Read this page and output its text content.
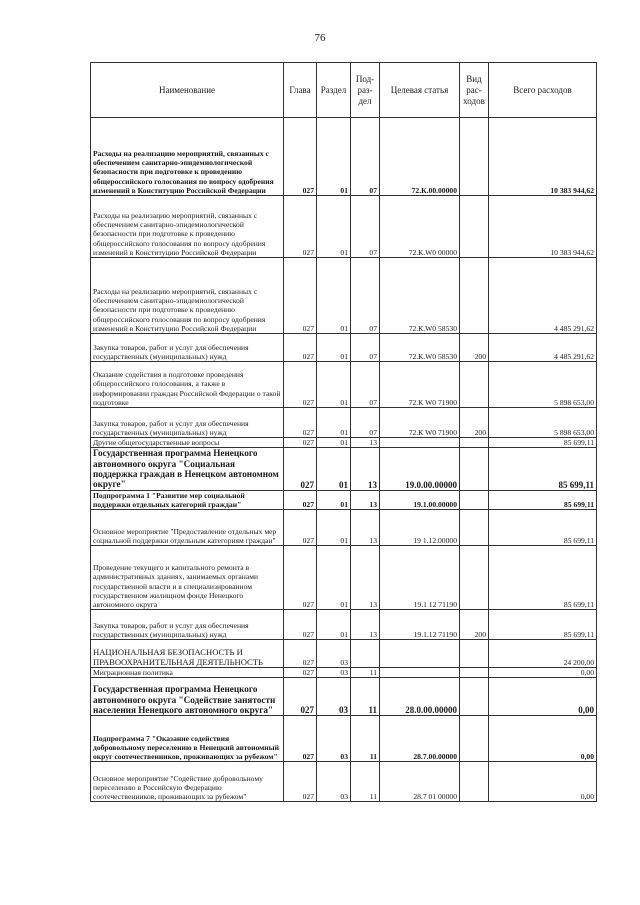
76
Наименование	Глава	Раздел	Под-раз-дел	Целевая статья	Вид рас-ходов	Всего расходов
Расходы на реализацию мероприятий, связанных с обеспечением санитарно-эпидемиологической безопасности при подготовке к проведению общероссийского голосования по вопросу одобрения изменений в Конституцию Российской Федерации	027	01	07	72.К.00.00000		10 383 944,62
Расходы на реализацию мероприятий, связанных с обеспечением санитарно-эпидемиологической безопасности при подготовке к проведению общероссийского голосования по вопросу одобрения изменений в Конституцию Российской Федерации	027	01	07	72.К.W0 00000		10 383 944,62
Расходы на реализацию мероприятий, связанных с обеспечением санитарно-эпидемиологической безопасности при подготовке к проведению общероссийского голосования по вопросу одобрения изменений в Конституцию Российской Федерации	027	01	07	72.К.W0 58530		4 485 291,62
Закупка товаров, работ и услуг для обеспечения государственных (муниципальных) нужд	027	01	07	72.К.W0 58530	200	4 485 291,62
Оказание содействия в подготовке проведения общероссийского голосования, а также в информировании граждан Российской Федерации о такой подготовке	027	01	07	72.К W0 71900		5 898 653,00
Закупка товаров, работ и услуг для обеспечения государственных (муниципальных) нужд	027	01	07	72.К W0 71900	200	5 898 653,00
Другие общегосударственные вопросы	027	01	13			85 699,11
Государственная программа Ненецкого автономного округа "Социальная поддержка граждан в Ненецком автономном округе"	027	01	13	19.0.00.00000		85 699,11
Подпрограмма 1 "Развитие мер социальной поддержки отдельных категорий граждан"	027	01	13	19.1.00.00000		85 699,11
Основное мероприятие "Предоставление отдельных мер социальной поддержки отдельным категориям граждан"	027	01	13	19 1.12.00000		85 699,11
Проведение текущего и капитального ремонта в административных зданиях, занимаемых органами государственной власти и в специализированном государственном жилищном фонде Ненецкого автономного округа	027	01	13	19.1 12 71190		85 699,11
Закупка товаров, работ и услуг для обеспечения государственных (муниципальных) нужд	027	01	13	19.1.12 71190	200	85 699,11
НАЦИОНАЛЬНАЯ БЕЗОПАСНОСТЬ И ПРАВООХРАНИТЕЛЬНАЯ ДЕЯТЕЛЬНОСТЬ	027	03				24 200,00
Миграционная политика	027	03	11			0,00
Государственная программа Ненецкого автономного округа "Содействие занятости населения Ненецкого автономного округа"	027	03	11	28.0.00.00000		0,00
Подпрограмма 7 "Оказание содействия добровольному переселению в Ненецкий автономный округ соотечественников, проживающих за рубежом"	027	03	11	28.7.00.00000		0,00
Основное мероприятие "Содействие добровольному переселению в Российскую Федерацию соотечественников, проживающих за рубежом"	027	03	11	28.7 01 00000		0,00
